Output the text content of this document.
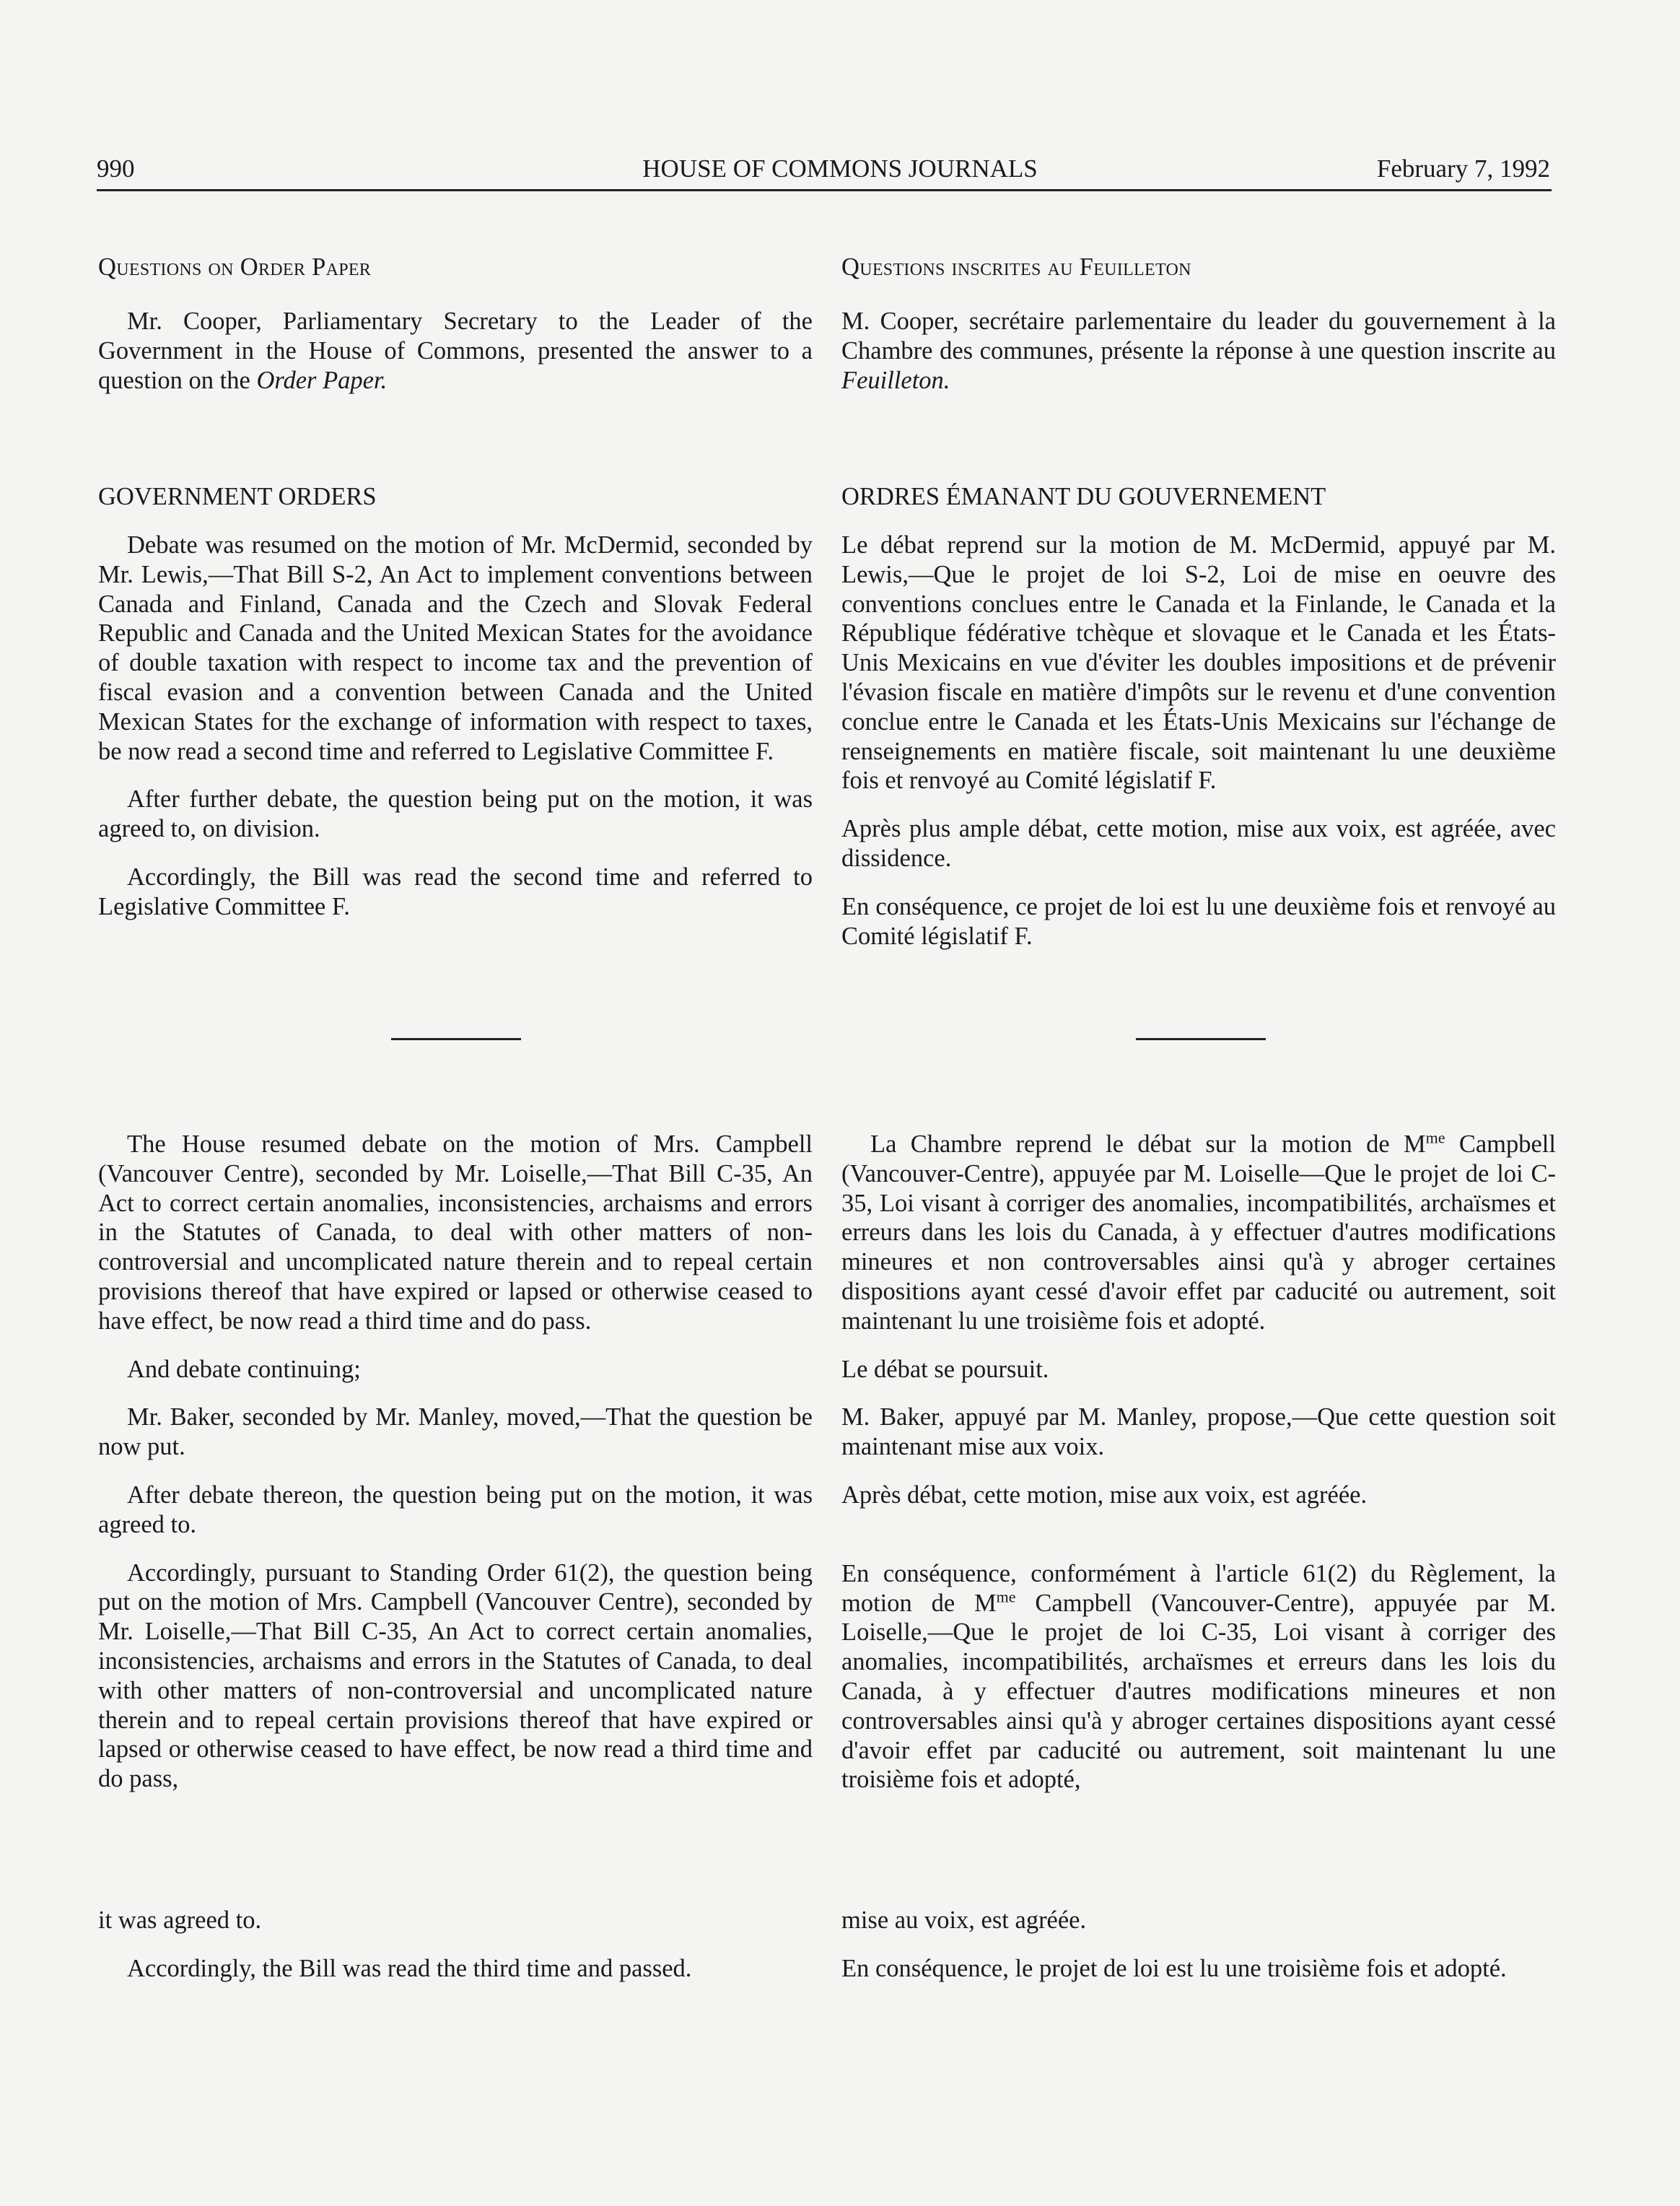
990	HOUSE OF COMMONS JOURNALS	February 7, 1992

Questions on Order Paper

Mr. Cooper, Parliamentary Secretary to the Leader of the Government in the House of Commons, presented the answer to a question on the Order Paper.

GOVERNMENT ORDERS

Debate was resumed on the motion of Mr. McDermid, seconded by Mr. Lewis,—That Bill S-2, An Act to implement conventions between Canada and Finland, Canada and the Czech and Slovak Federal Republic and Canada and the United Mexican States for the avoidance of double taxation with respect to income tax and the prevention of fiscal evasion and a convention between Canada and the United Mexican States for the exchange of information with respect to taxes, be now read a second time and referred to Legislative Committee F.

After further debate, the question being put on the motion, it was agreed to, on division.

Accordingly, the Bill was read the second time and referred to Legislative Committee F.

The House resumed debate on the motion of Mrs. Campbell (Vancouver Centre), seconded by Mr. Loiselle,—That Bill C-35, An Act to correct certain anomalies, inconsistencies, archaisms and errors in the Statutes of Canada, to deal with other matters of non-controversial and uncomplicated nature therein and to repeal certain provisions thereof that have expired or lapsed or otherwise ceased to have effect, be now read a third time and do pass.

And debate continuing;

Mr. Baker, seconded by Mr. Manley, moved,—That the question be now put.

After debate thereon, the question being put on the motion, it was agreed to.

Accordingly, pursuant to Standing Order 61(2), the question being put on the motion of Mrs. Campbell (Vancouver Centre), seconded by Mr. Loiselle,—That Bill C-35, An Act to correct certain anomalies, inconsistencies, archaisms and errors in the Statutes of Canada, to deal with other matters of non-controversial and uncomplicated nature therein and to repeal certain provisions thereof that have expired or lapsed or otherwise ceased to have effect, be now read a third time and do pass,

it was agreed to.

Accordingly, the Bill was read the third time and passed.

Questions inscrites au Feuilleton

M. Cooper, secrétaire parlementaire du leader du gouvernement à la Chambre des communes, présente la réponse à une question inscrite au Feuilleton.

ORDRES ÉMANANT DU GOUVERNEMENT

Le débat reprend sur la motion de M. McDermid, appuyé par M. Lewis,—Que le projet de loi S-2, Loi de mise en oeuvre des conventions conclues entre le Canada et la Finlande, le Canada et la République fédérative tchèque et slovaque et le Canada et les États-Unis Mexicains en vue d'éviter les doubles impositions et de prévenir l'évasion fiscale en matière d'impôts sur le revenu et d'une convention conclue entre le Canada et les États-Unis Mexicains sur l'échange de renseignements en matière fiscale, soit maintenant lu une deuxième fois et renvoyé au Comité législatif F.

Après plus ample débat, cette motion, mise aux voix, est agréée, avec dissidence.

En conséquence, ce projet de loi est lu une deuxième fois et renvoyé au Comité législatif F.

La Chambre reprend le débat sur la motion de $M^{me}$ Campbell (Vancouver-Centre), appuyée par M. Loiselle—Que le projet de loi C-35, Loi visant à corriger des anomalies, incompatibilités, archaïsmes et erreurs dans les lois du Canada, à y effectuer d'autres modifications mineures et non controversables ainsi qu'à y abroger certaines dispositions ayant cessé d'avoir effet par caducité ou autrement, soit maintenant lu une troisième fois et adopté.

Le débat se poursuit.

M. Baker, appuyé par M. Manley, propose,—Que cette question soit maintenant mise aux voix.

Après débat, cette motion, mise aux voix, est agréée.

En conséquence, conformément à l'article 61(2) du Règlement, la motion de $M^{me}$ Campbell (Vancouver-Centre), appuyée par M. Loiselle,—Que le projet de loi C-35, Loi visant à corriger des anomalies, incompatibilités, archaïsmes et erreurs dans les lois du Canada, à y effectuer d'autres modifications mineures et non controversables ainsi qu'à y abroger certaines dispositions ayant cessé d'avoir effet par caducité ou autrement, soit maintenant lu une troisième fois et adopté,

mise au voix, est agréée.

En conséquence, le projet de loi est lu une troisième fois et adopté.
